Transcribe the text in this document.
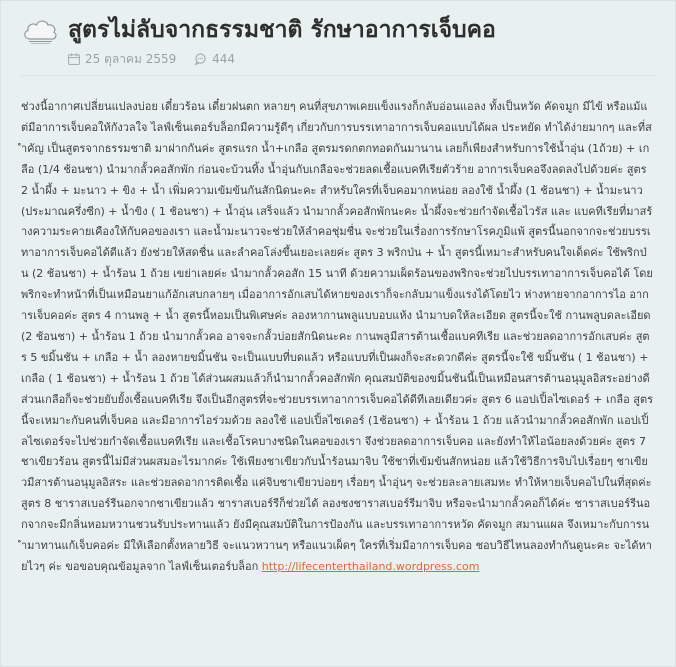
สูตรไม่ลับจากธรรมชาติ รักษาอาการเจ็บคอ
25 ตุลาคม 2559	444

ช่วงนี้อากาศเปลี่ยนแปลงบ่อย เดี๋ยวร้อน เดี๋ยวฝนตก หลายๆ คนที่สุขภาพเคยแข็งแรงก็กลับอ่อนแอลง ทั้งเป็นหวัด คัดจมูก มีไข้ หรือแม้แต่มีอาการเจ็บคอให้กังวลใจ ไลฟ์เซ็นเตอร์บล็อกมีความรู้ดีๆ เกี่ยวกับการบรรเทาอาการเจ็บคอแบบได้ผล ประหยัด ทำได้ง่ายมากๆ และที่สำคัญ เป็นสูตรจากธรรมชาติ มาฝากกันค่ะ สูตรแรก น้ำ+เกลือ สูตรมรดกตกทอดกันมานาน เลยก็เพียงสำหรับการใช้น้ำอุ่น (1ถ้วย) + เกลือ (1/4 ช้อนชา) นำมากลั้วคอสักพัก ก่อนจะบ้วนทิ้ง น้ำอุ่นกับเกลือจะช่วยลดเชื้อแบคทีเรียตัวร้าย อาการเจ็บคอจึงลดลงไปด้วยค่ะ สูตร 2 น้ำผึ้ง + มะนาว + ขิง + น้ำ เพิ่มความเข้มข้นกันสักนิดนะคะ สำหรับใครที่เจ็บคอมากหน่อย ลองใช้ น้ำผึ้ง (1 ช้อนชา) + น้ำมะนาว (ประมาณครึ่งซีก) + น้ำขิง ( 1 ช้อนชา) + น้ำอุ่น เสร็จแล้ว นำมากลั้วคอสักพักนะคะ น้ำผึ้งจะช่วยกำจัดเชื้อไวรัส และ แบคทีเรียที่มาสร้างความระคายเคืองให้กับคอของเรา และน้ำมะนาวจะช่วยให้ลำคอชุ่มชื่น จะช่วยในเรื่องการรักษาโรคภูมิแพ้ สูตรนี้นอกจากจะช่วยบรรเทาอาการเจ็บคอได้ดีแล้ว ยังช่วยให้สดชื่น และลำคอโล่งขึ้นเยอะเลยค่ะ สูตร 3 พริกป่น + น้ำ สูตรนี้เหมาะสำหรับคนใจเด็ดค่ะ ใช้พริกป่น (2 ช้อนชา) + น้ำร้อน 1 ถ้วย เขย่าเลยค่ะ นำมากลั้วคอสัก 15 นาที ด้วยความเผ็ดร้อนของพริกจะช่วยไปบรรเทาอาการเจ็บคอได้ โดยพริกจะทำหน้าที่เป็นเหมือนยาแก้อักเสบกลายๆ เมื่ออาการอักเสบได้หายของเราก็จะกลับมาแข็งแรงได้โดยไว ห่างหายจากอาการไอ อาการเจ็บคอค่ะ สูตร 4 กานพลู + น้ำ สูตรนี้หอมเป็นพิเศษค่ะ ลองหากานพลูแบบอบแห้ง นำมาบดให้ละเอียด สูตรนี้จะใช้ กานพลูบดละเอียด (2 ช้อนชา) + น้ำร้อน 1 ถ้วย นำมากลั้วคอ อาจจะกลั้วบ่อยสักนิดนะคะ กานพลูมีสารต้านเชื้อแบคทีเรีย และช่วยลดอาการอักเสบค่ะ สูตร 5 ขมิ้นชัน + เกลือ + น้ำ ลองหายขมิ้นชัน จะเป็นแบบที่บดแล้ว หรือแบบที่เป็นผงก็จะสะดวกดีค่ะ สูตรนี้จะใช้ ขมิ้นชัน ( 1 ช้อนชา) + เกลือ ( 1 ช้อนชา) + น้ำร้อน 1 ถ้วย ได้ส่วนผสมแล้วก็นำมากลั้วคอสักพัก คุณสมบัติของขมิ้นชันนี้เป็นเหมือนสารต้านอนุมูลอิสระอย่างดี ส่วนเกลือก็จะช่วยยับยั้งเชื้อแบคทีเรีย จึงเป็นอีกสูตรที่จะช่วยบรรเทาอาการเจ็บคอได้ดีทีเลยเดียวค่ะ สูตร 6 แอปเปิ้ลไซเดอร์ + เกลือ สูตรนี้จะเหมาะกับคนที่เจ็บคอ และมีอาการไอร่วมด้วย ลองใช้ แอปเปิ้ลไซเดอร์ (1ช้อนชา) + น้ำร้อน 1 ถ้วย แล้วนำมากลั้วคอสักพัก แอปเปิ้ลไซเดอร์จะไปช่วยกำจัดเชื้อแบคทีเรีย และเชื้อโรคบางชนิดในคอของเรา จึงช่วยลดอาการเจ็บคอ และยังทำให้ไอน้อยลงด้วยค่ะ สูตร 7 ชาเขียวร้อน สูตรนี้ไม่มีส่วนผสมอะไรมากค่ะ ใช้เพียงชาเขียวกับน้ำร้อนมาจิบ ใช้ชาที่เข้มข้นสักหน่อย แล้วใช้วิธีการจิบไปเรื่อยๆ ชาเขียวมีสารต้านอนุมูลอิสระ และช่วยลดอาการติดเชื้อ แค่จิบชาเขียวบ่อยๆ เรื่อยๆ น้ำอุ่นๆ จะช่วยละลายเสมหะ ทำให้หายเจ็บคอไปในที่สุดค่ะ สูตร 8 ชาราสเบอร์รีนอกจากชาเขียวแล้ว ชาราสเบอร์รีก็ช่วยได้ ลองชงชาราสเบอร์รีมาจิบ หรือจะนำมากลั้วคอก็ได้ค่ะ ชาราสเบอร์รีนอกจากจะมีกลิ่นหอมหวานชวนรับประทานแล้ว ยังมีคุณสมบัติในการป้องกัน และบรรเทาอาการหวัด คัดจมูก สมานแผล จึงเหมาะกับการนำมาทานแก้เจ็บคอค่ะ มีให้เลือกตั้งหลายวิธี จะแนวหวานๆ หรือแนวเผ็ดๆ ใครที่เริ่มมีอาการเจ็บคอ ชอบวิธีไหนลองทำกันดูนะคะ จะได้หายไวๆ ค่ะ ขอขอบคุณข้อมูลจาก ไลฟ์เซ็นเตอร์บล็อก http://lifecenterthailand.wordpress.com
